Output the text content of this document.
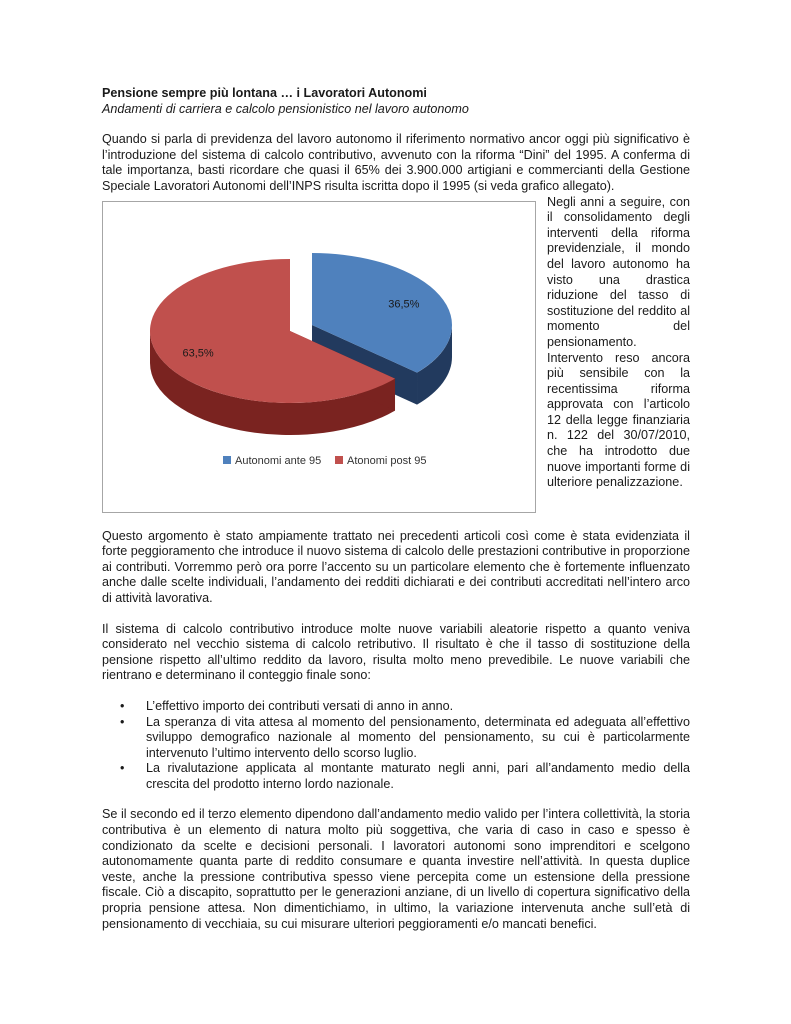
Pensione sempre più lontana … i Lavoratori Autonomi

Andamenti di carriera e calcolo pensionistico nel lavoro autonomo

Quando si parla di previdenza del lavoro autonomo il riferimento normativo ancor oggi più significativo è l’introduzione del sistema di calcolo contributivo, avvenuto con la riforma “Dini” del 1995. A conferma di tale importanza, basti ricordare che quasi il 65% dei 3.900.000 artigiani e commercianti della Gestione Speciale Lavoratori Autonomi dell’INPS risulta iscritta dopo il 1995 (si veda grafico allegato).

36,5%
63,5%
Autonomi ante 95 Atonomi post 95
Negli anni a seguire, con il consolidamento degli interventi della riforma previdenziale, il mondo del lavoro autonomo ha visto una drastica riduzione del tasso di sostituzione del reddito al momento del pensionamento. Intervento reso ancora più sensibile con la recentissima riforma approvata con l’articolo 12 della legge finanziaria n. 122 del 30/07/2010, che ha introdotto due nuove importanti forme di ulteriore penalizzazione.

Questo argomento è stato ampiamente trattato nei precedenti articoli così come è stata evidenziata il forte peggioramento che introduce il nuovo sistema di calcolo delle prestazioni contributive in proporzione ai contributi. Vorremmo però ora porre l’accento su un particolare elemento che è fortemente influenzato anche dalle scelte individuali, l’andamento dei redditi dichiarati e dei contributi accreditati nell’intero arco di attività lavorativa.

Il sistema di calcolo contributivo introduce molte nuove variabili aleatorie rispetto a quanto veniva considerato nel vecchio sistema di calcolo retributivo. Il risultato è che il tasso di sostituzione della pensione rispetto all’ultimo reddito da lavoro, risulta molto meno prevedibile. Le nuove variabili che rientrano e determinano il conteggio finale sono:

• L’effettivo importo dei contributi versati di anno in anno.
• La speranza di vita attesa al momento del pensionamento, determinata ed adeguata all’effettivo sviluppo demografico nazionale al momento del pensionamento, su cui è particolarmente intervenuto l’ultimo intervento dello scorso luglio.
• La rivalutazione applicata al montante maturato negli anni, pari all’andamento medio della crescita del prodotto interno lordo nazionale.

Se il secondo ed il terzo elemento dipendono dall’andamento medio valido per l’intera collettività, la storia contributiva è un elemento di natura molto più soggettiva, che varia di caso in caso e spesso è condizionato da scelte e decisioni personali. I lavoratori autonomi sono imprenditori e scelgono autonomamente quanta parte di reddito consumare e quanta investire nell’attività. In questa duplice veste, anche la pressione contributiva spesso viene percepita come un estensione della pressione fiscale. Ciò a discapito, soprattutto per le generazioni anziane, di un livello di copertura significativo della propria pensione attesa. Non dimentichiamo, in ultimo, la variazione intervenuta anche sull’età di pensionamento di vecchiaia, su cui misurare ulteriori peggioramenti e/o mancati benefici.
